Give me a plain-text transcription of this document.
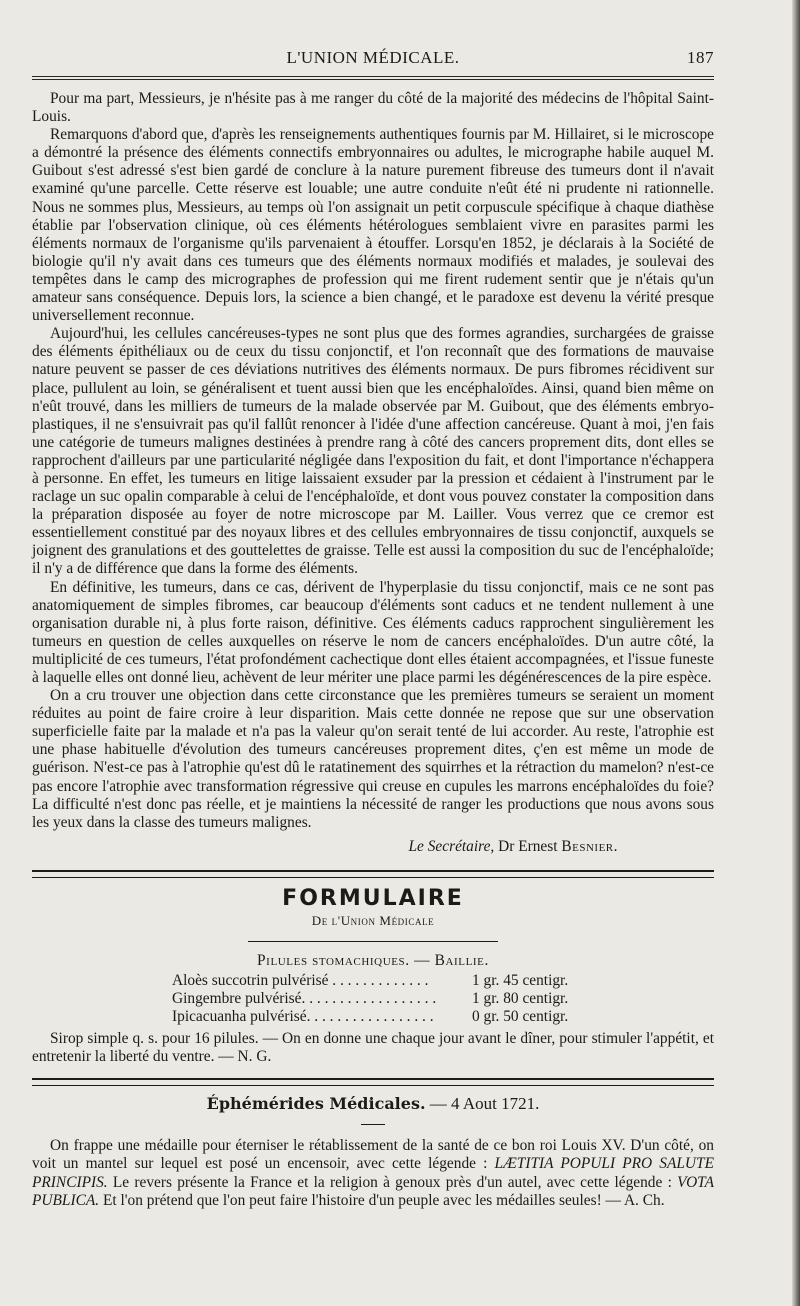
L'UNION MÉDICALE.	187

Pour ma part, Messieurs, je n'hésite pas à me ranger du côté de la majorité des médecins de l'hôpital Saint-Louis.

Remarquons d'abord que, d'après les renseignements authentiques fournis par M. Hillairet, si le microscope a démontré la présence des éléments connectifs embryonnaires ou adultes, le micrographe habile auquel M. Guibout s'est adressé s'est bien gardé de conclure à la nature purement fibreuse des tumeurs dont il n'avait examiné qu'une parcelle. Cette réserve est louable; une autre conduite n'eût été ni prudente ni rationnelle. Nous ne sommes plus, Messieurs, au temps où l'on assignait un petit corpuscule spécifique à chaque diathèse établie par l'observation clinique, où ces éléments hétérologues semblaient vivre en parasites parmi les éléments normaux de l'organisme qu'ils parvenaient à étouffer. Lorsqu'en 1852, je déclarais à la Société de biologie qu'il n'y avait dans ces tumeurs que des éléments normaux modifiés et malades, je soulevai des tempêtes dans le camp des micrographes de profession qui me firent rudement sentir que je n'étais qu'un amateur sans conséquence. Depuis lors, la science a bien changé, et le paradoxe est devenu la vérité presque universellement reconnue.

Aujourd'hui, les cellules cancéreuses-types ne sont plus que des formes agrandies, surchargées de graisse des éléments épithéliaux ou de ceux du tissu conjonctif, et l'on reconnaît que des formations de mauvaise nature peuvent se passer de ces déviations nutritives des éléments normaux. De purs fibromes récidivent sur place, pullulent au loin, se généralisent et tuent aussi bien que les encéphaloïdes. Ainsi, quand bien même on n'eût trouvé, dans les milliers de tumeurs de la malade observée par M. Guibout, que des éléments embryo-plastiques, il ne s'ensuivrait pas qu'il fallût renoncer à l'idée d'une affection cancéreuse. Quant à moi, j'en fais une catégorie de tumeurs malignes destinées à prendre rang à côté des cancers proprement dits, dont elles se rapprochent d'ailleurs par une particularité négligée dans l'exposition du fait, et dont l'importance n'échappera à personne. En effet, les tumeurs en litige laissaient exsuder par la pression et cédaient à l'instrument par le raclage un suc opalin comparable à celui de l'encéphaloïde, et dont vous pouvez constater la composition dans la préparation disposée au foyer de notre microscope par M. Lailler. Vous verrez que ce cremor est essentiellement constitué par des noyaux libres et des cellules embryonnaires de tissu conjonctif, auxquels se joignent des granulations et des gouttelettes de graisse. Telle est aussi la composition du suc de l'encéphaloïde; il n'y a de différence que dans la forme des éléments.

En définitive, les tumeurs, dans ce cas, dérivent de l'hyperplasie du tissu conjonctif, mais ce ne sont pas anatomiquement de simples fibromes, car beaucoup d'éléments sont caducs et ne tendent nullement à une organisation durable ni, à plus forte raison, définitive. Ces éléments caducs rapprochent singulièrement les tumeurs en question de celles auxquelles on réserve le nom de cancers encéphaloïdes. D'un autre côté, la multiplicité de ces tumeurs, l'état profondément cachectique dont elles étaient accompagnées, et l'issue funeste à laquelle elles ont donné lieu, achèvent de leur mériter une place parmi les dégénérescences de la pire espèce.

On a cru trouver une objection dans cette circonstance que les premières tumeurs se seraient un moment réduites au point de faire croire à leur disparition. Mais cette donnée ne repose que sur une observation superficielle faite par la malade et n'a pas la valeur qu'on serait tenté de lui accorder. Au reste, l'atrophie est une phase habituelle d'évolution des tumeurs cancéreuses proprement dites, ç'en est même un mode de guérison. N'est-ce pas à l'atrophie qu'est dû le ratatinement des squirrhes et la rétraction du mamelon? n'est-ce pas encore l'atrophie avec transformation régressive qui creuse en cupules les marrons encéphaloïdes du foie? La difficulté n'est donc pas réelle, et je maintiens la nécessité de ranger les productions que nous avons sous les yeux dans la classe des tumeurs malignes.

Le Secrétaire, Dr Ernest Besnier.
FORMULAIRE
De l'Union Médicale
Pilules stomachiques. — Baillie.
Aloès succotrin pulvérisé . . . . . . . . . . . . .	1 gr. 45 centigr.
Gingembre pulvérisé. . . . . . . . . . . . . . . . . .	1 gr. 80 centigr.
Ipicacuanha pulvérisé. . . . . . . . . . . . . . . . .	0 gr. 50 centigr.

Sirop simple q. s. pour 16 pilules. — On en donne une chaque jour avant le dîner, pour stimuler l'appétit, et entretenir la liberté du ventre. — N. G.

Éphémérides Médicales. — 4 Aout 1721.

On frappe une médaille pour éterniser le rétablissement de la santé de ce bon roi Louis XV. D'un côté, on voit un mantel sur lequel est posé un encensoir, avec cette légende : LÆTITIA POPULI PRO SALUTE PRINCIPIS. Le revers présente la France et la religion à genoux près d'un autel, avec cette légende : VOTA PUBLICA. Et l'on prétend que l'on peut faire l'histoire d'un peuple avec les médailles seules! — A. Ch.
